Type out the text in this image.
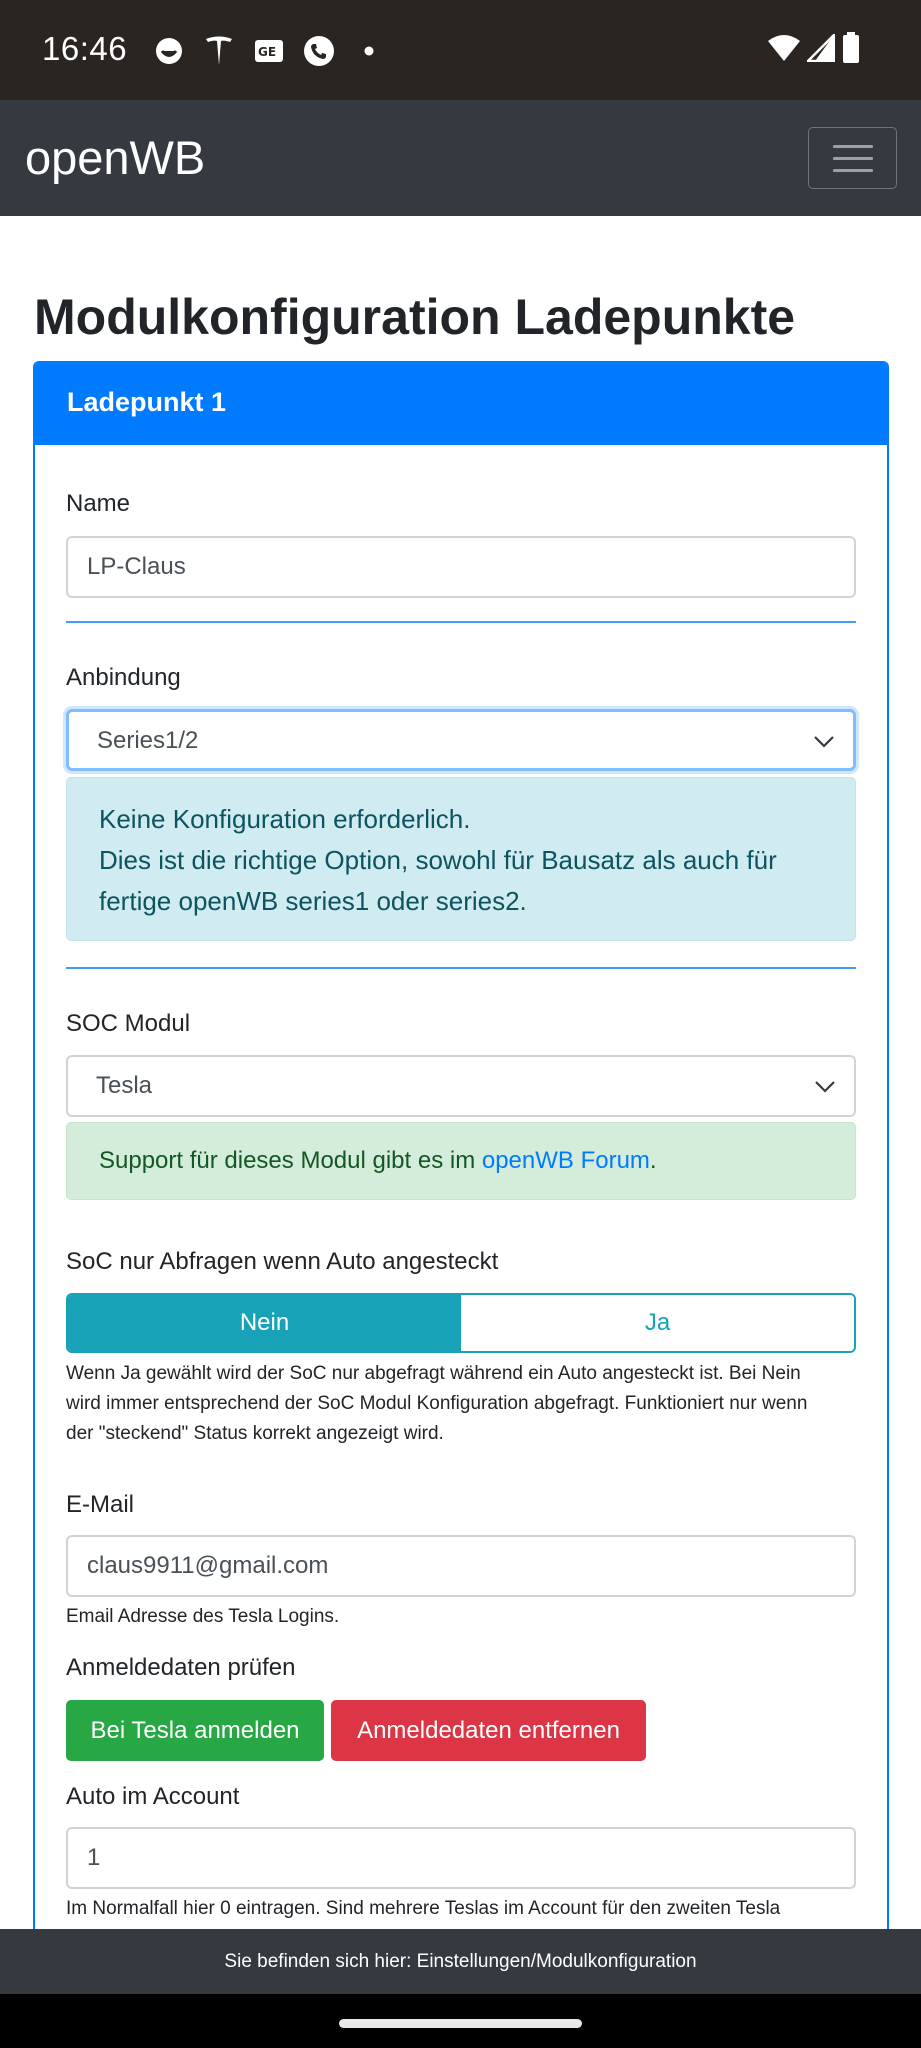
16:46	GE
openWB
Modulkonfiguration Ladepunkte
Ladepunkt 1
Name
LP-Claus
Anbindung
Series1/2

Keine Konfiguration erforderlich.

Dies ist die richtige Option, sowohl für Bausatz als auch für

fertige openWB series1 oder series2.

SOC Modul
Tesla
Support für dieses Modul gibt es im openWB Forum.
SoC nur Abfragen wenn Auto angesteckt
Nein	Ja
Wenn Ja gewählt wird der SoC nur abgefragt während ein Auto angesteckt ist. Bei Nein
wird immer entsprechend der SoC Modul Konfiguration abgefragt. Funktioniert nur wenn
der "steckend" Status korrekt angezeigt wird.
E-Mail
claus9911@gmail.com
Email Adresse des Tesla Logins.
Anmeldedaten prüfen
Bei Tesla anmelden	Anmeldedaten entfernen
Auto im Account
1
Im Normalfall hier 0 eintragen. Sind mehrere Teslas im Account für den zweiten Tesla
Sie befinden sich hier: Einstellungen/Modulkonfiguration
